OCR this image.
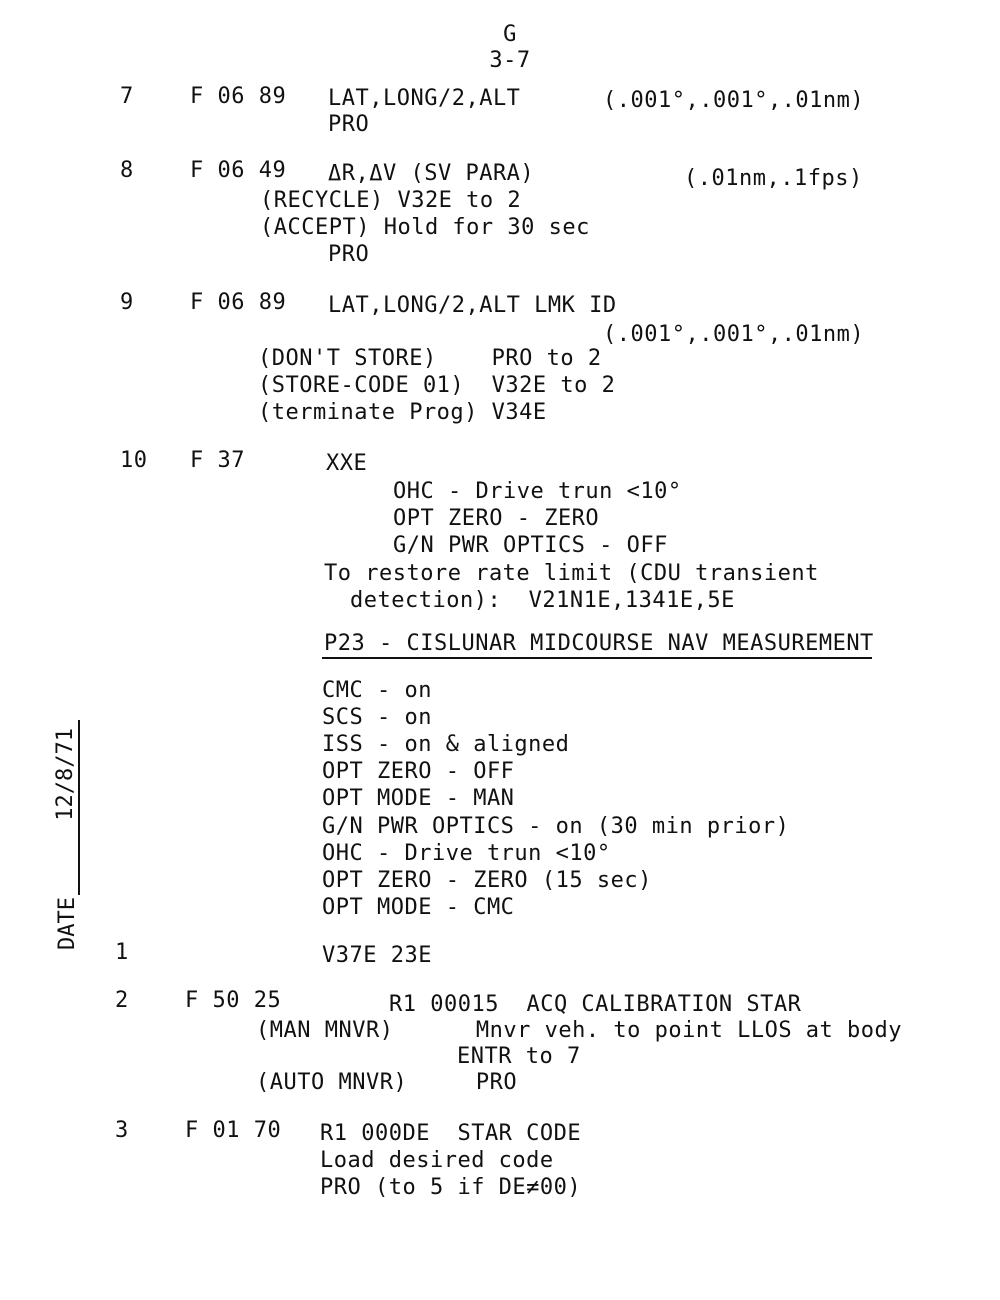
G
3-7
7	F 06 89 LAT,LONG/2,ALT	(.001°,.001°,.01nm)
PRO
8	F 06 49 ΔR,ΔV (SV PARA)	(.01nm,.1fps)
(RECYCLE) V32E to 2
(ACCEPT) Hold for 30 sec
PRO
9	F 06 89 LAT,LONG/2,ALT LMK ID
(.001°,.001°,.01nm)
(DON'T STORE)    PRO to 2
(STORE-CODE 01)  V32E to 2
(terminate Prog) V34E
10 F 37	XXE
OHC - Drive trun <10°
OPT ZERO - ZERO
G/N PWR OPTICS - OFF
To restore rate limit (CDU transient
detection):  V21N1E,1341E,5E
P23 - CISLUNAR MIDCOURSE NAV MEASUREMENT
CMC - on
SCS - on
ISS - on & aligned
OPT ZERO - OFF
OPT MODE - MAN
G/N PWR OPTICS - on (30 min prior)
OHC - Drive trun <10°
OPT ZERO - ZERO (15 sec)
OPT MODE - CMC
1	V37E 23E
2	F 50 25	R1 00015  ACQ CALIBRATION STAR
(MAN MNVR)      Mnvr veh. to point LLOS at body
ENTR to 7
(AUTO MNVR)     PRO
3	F 01 70 R1 000DE  STAR CODE
Load desired code
PRO (to 5 if DE≠00)
DATE
12/8/71
